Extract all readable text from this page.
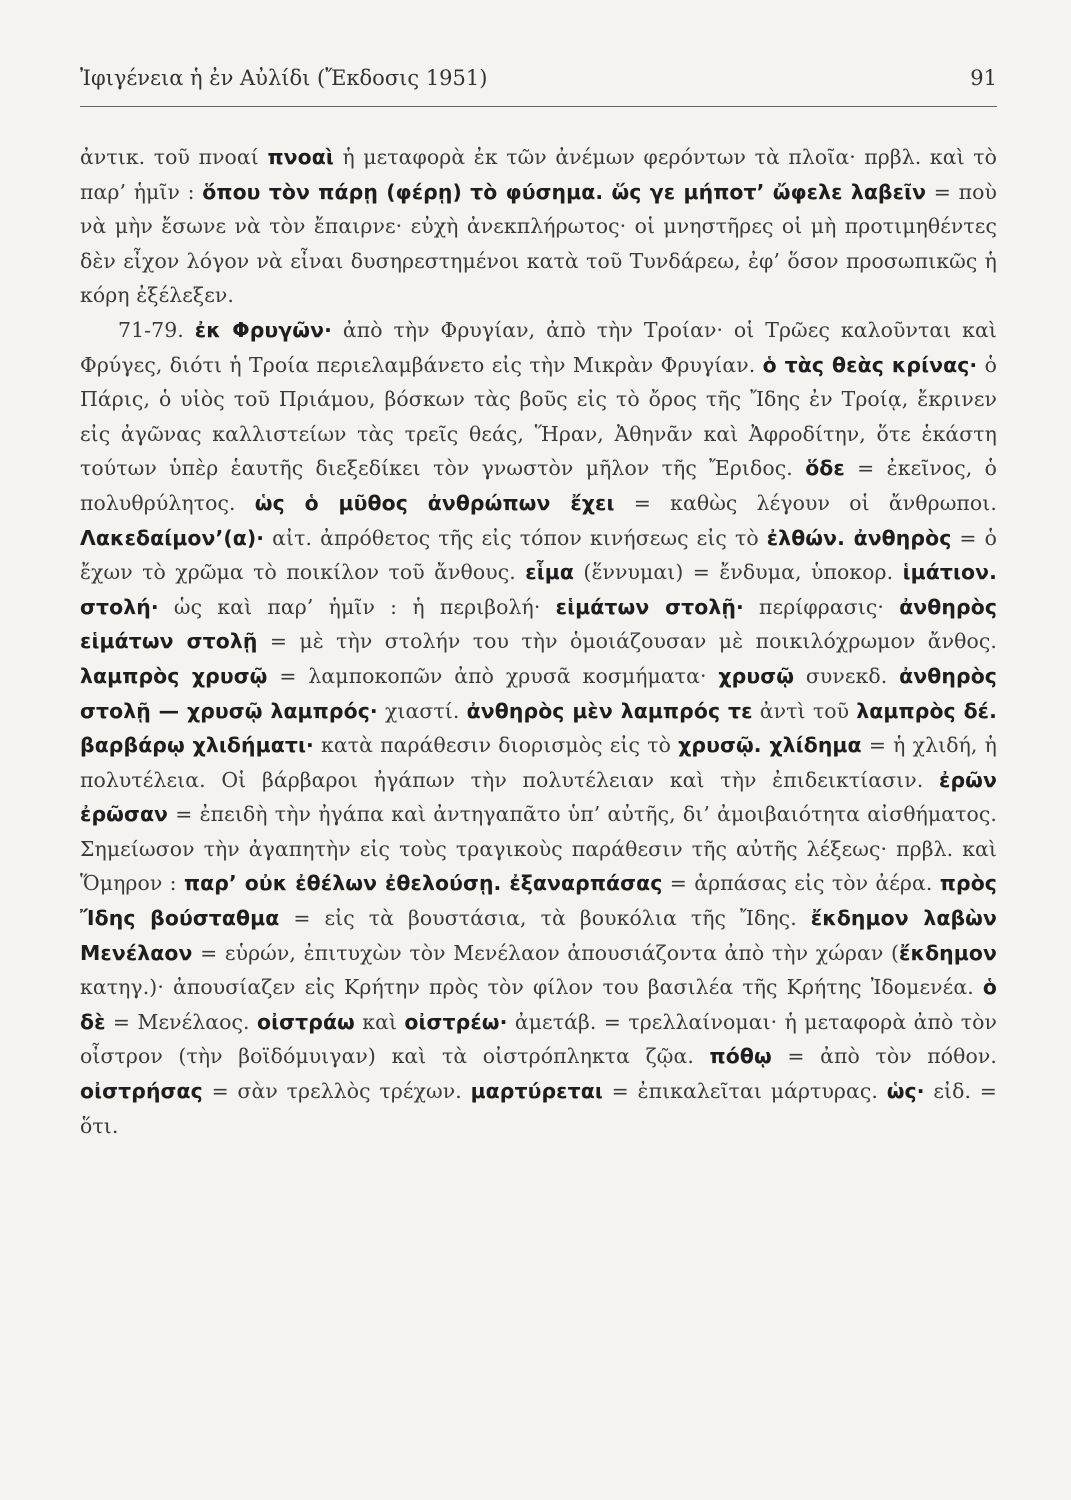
Ἰφιγένεια ἡ ἐν Αὐλίδι (Ἔκδοσις 1951)	91

ἀντικ. τοῦ πνοαί πνοαὶ ἡ μεταφορὰ ἐκ τῶν ἀνέμων φερόντων τὰ πλοῖα· πρβλ. καὶ τὸ παρ’ ἡμῖν : ὅπου τὸν πάρῃ (φέρῃ) τὸ φύσημα. ὥς γε μήποτ’ ὤφελε λαβεῖν = ποὺ νὰ μὴν ἔσωνε νὰ τὸν ἔπαιρνε· εὐχὴ ἀνεκπλήρωτος· οἱ μνηστῆρες οἱ μὴ προτιμηθέντες δὲν εἶχον λόγον νὰ εἶναι δυσηρεστημένοι κατὰ τοῦ Τυνδάρεω, ἐφ’ ὅσον προσωπικῶς ἡ κόρη ἐξέλεξεν.

71-79. ἐκ Φρυγῶν· ἀπὸ τὴν Φρυγίαν, ἀπὸ τὴν Τροίαν· οἱ Τρῶες καλοῦνται καὶ Φρύγες, διότι ἡ Τροία περιελαμβάνετο εἰς τὴν Μικρὰν Φρυγίαν. ὁ τὰς θεὰς κρίνας· ὁ Πάρις, ὁ υἱὸς τοῦ Πριάμου, βόσκων τὰς βοῦς εἰς τὸ ὄρος τῆς Ἴδης ἐν Τροίᾳ, ἔκρινεν εἰς ἀγῶνας καλλιστείων τὰς τρεῖς θεάς, Ἥραν, Ἀθηνᾶν καὶ Ἀφροδίτην, ὅτε ἑκάστη τούτων ὑπὲρ ἑαυτῆς διεξεδίκει τὸν γνωστὸν μῆλον τῆς Ἔριδος. ὅδε = ἐκεῖνος, ὁ πολυθρύλητος. ὡς ὁ μῦθος ἀνθρώπων ἔχει = καθὼς λέγουν οἱ ἄνθρωποι. Λακεδαίμον’(α)· αἰτ. ἀπρόθετος τῆς εἰς τόπον κινήσεως εἰς τὸ ἐλθών. ἀνθηρὸς = ὁ ἔχων τὸ χρῶμα τὸ ποικίλον τοῦ ἄνθους. εἷμα (ἕννυμαι) = ἔνδυμα, ὑποκορ. ἱμάτιον. στολή· ὡς καὶ παρ’ ἡμῖν : ἡ περιβολή· εἱμάτων στολῇ· περίφρασις· ἀνθηρὸς εἱμάτων στολῇ = μὲ τὴν στολήν του τὴν ὁμοιάζουσαν μὲ ποικιλόχρωμον ἄνθος. λαμπρὸς χρυσῷ = λαμποκοπῶν ἀπὸ χρυσᾶ κοσμήματα· χρυσῷ συνεκδ. ἀνθηρὸς στολῇ — χρυσῷ λαμπρός· χιαστί. ἀνθηρὸς μὲν λαμπρός τε ἀντὶ τοῦ λαμπρὸς δέ. βαρβάρῳ χλιδήματι· κατὰ παράθεσιν διορισμὸς εἰς τὸ χρυσῷ. χλίδημα = ἡ χλιδή, ἡ πολυτέλεια. Οἱ βάρβαροι ἠγάπων τὴν πολυτέλειαν καὶ τὴν ἐπιδεικτίασιν. ἐρῶν ἐρῶσαν = ἐπειδὴ τὴν ἠγάπα καὶ ἀντηγαπᾶτο ὑπ’ αὐτῆς, δι’ ἀμοιβαιότητα αἰσθήματος. Σημείωσον τὴν ἀγαπητὴν εἰς τοὺς τραγικοὺς παράθεσιν τῆς αὐτῆς λέξεως· πρβλ. καὶ Ὅμηρον : παρ’ οὐκ ἐθέλων ἐθελούσῃ. ἐξαναρπάσας = ἁρπάσας εἰς τὸν ἀέρα. πρὸς Ἴδης βούσταθμα = εἰς τὰ βουστάσια, τὰ βουκόλια τῆς Ἴδης. ἔκδημον λαβὼν Μενέλαον = εὑρών, ἐπιτυχὼν τὸν Μενέλαον ἀπουσιάζοντα ἀπὸ τὴν χώραν (ἔκδημον κατηγ.)· ἀπουσίαζεν εἰς Κρήτην πρὸς τὸν φίλον του βασιλέα τῆς Κρήτης Ἰδομενέα. ὁ δὲ = Μενέλαος. οἰστράω καὶ οἰστρέω· ἀμετάβ. = τρελλαίνομαι· ἡ μεταφορὰ ἀπὸ τὸν οἶστρον (τὴν βοϊδόμυιγαν) καὶ τὰ οἰστρόπληκτα ζῷα. πόθῳ = ἀπὸ τὸν πόθον. οἰστρήσας = σὰν τρελλὸς τρέχων. μαρτύρεται = ἐπικαλεῖται μάρτυρας. ὡς· εἰδ. = ὅτι.
